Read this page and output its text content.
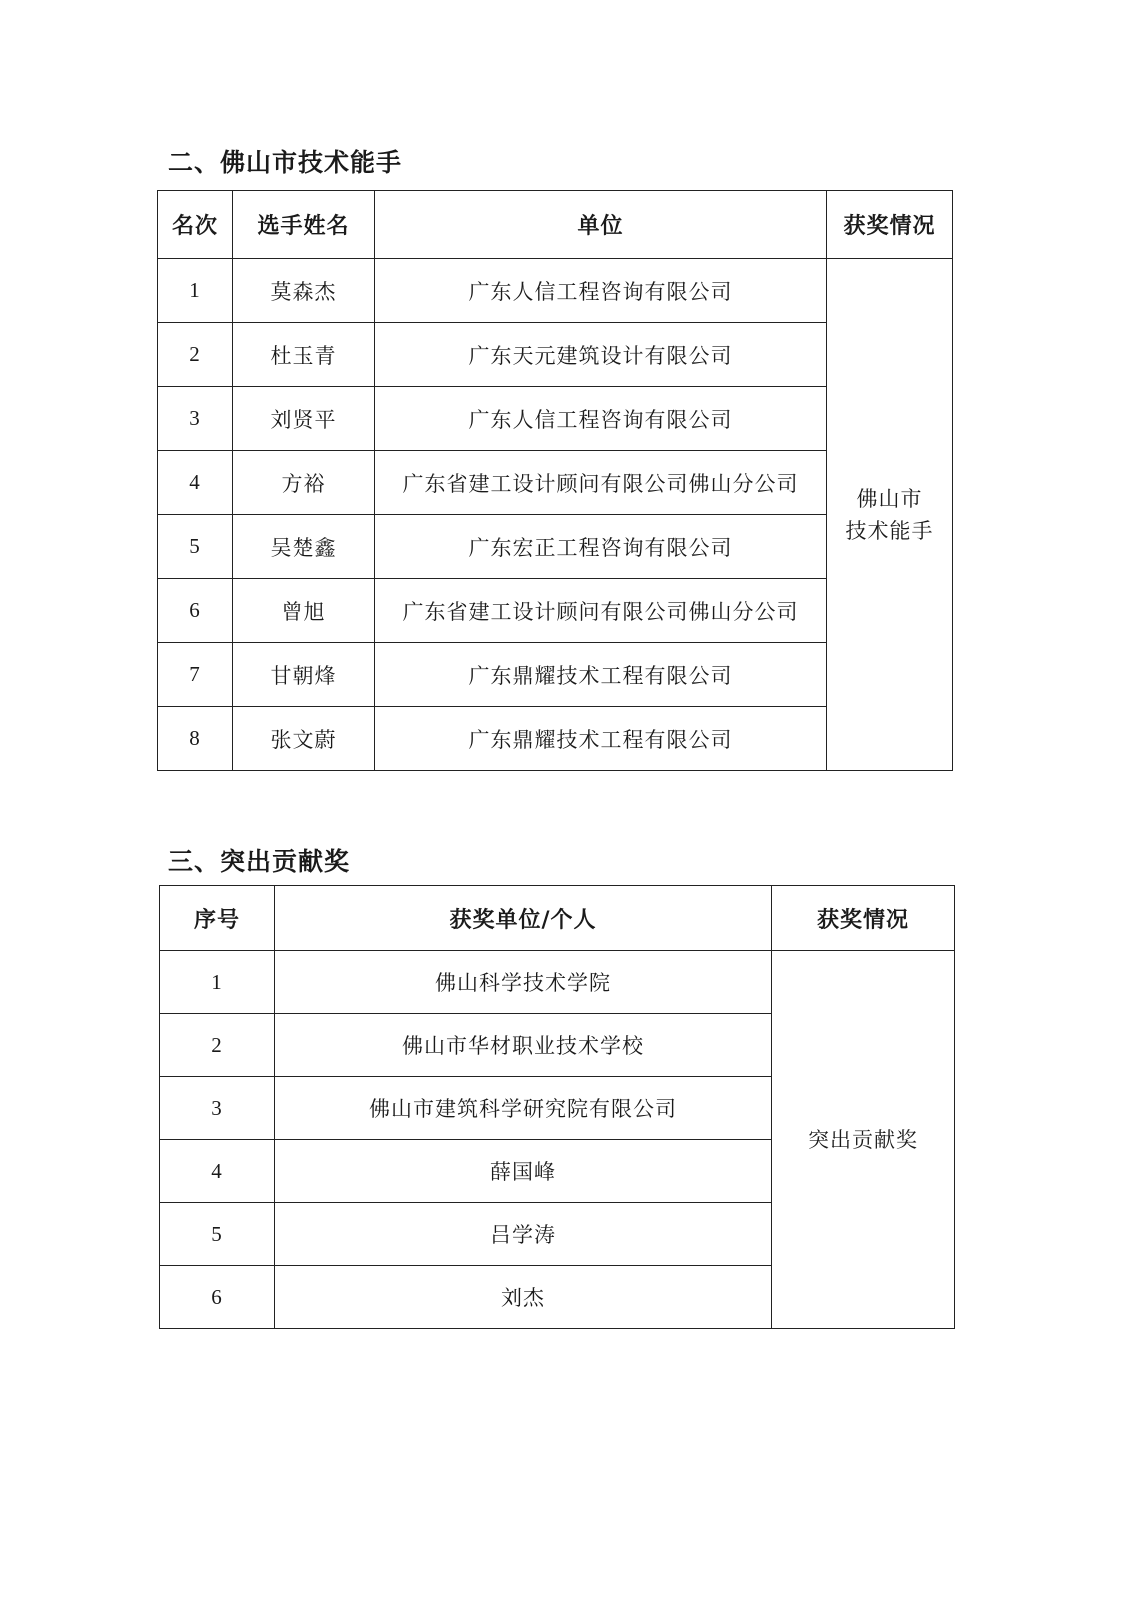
二、佛山市技术能手
名次	选手姓名	单位	获奖情况
1	莫森杰	广东人信工程咨询有限公司	佛山市
技术能手
2	杜玉青	广东天元建筑设计有限公司	
3	刘贤平	广东人信工程咨询有限公司	
4	方裕	广东省建工设计顾问有限公司佛山分公司	
5	吴楚鑫	广东宏正工程咨询有限公司	
6	曾旭	广东省建工设计顾问有限公司佛山分公司	
7	甘朝烽	广东鼎耀技术工程有限公司	
8	张文蔚	广东鼎耀技术工程有限公司	
三、突出贡献奖
序号	获奖单位/个人	获奖情况
1	佛山科学技术学院	突出贡献奖
2	佛山市华材职业技术学校	
3	佛山市建筑科学研究院有限公司	
4	薛国峰	
5	吕学涛	
6	刘杰	
